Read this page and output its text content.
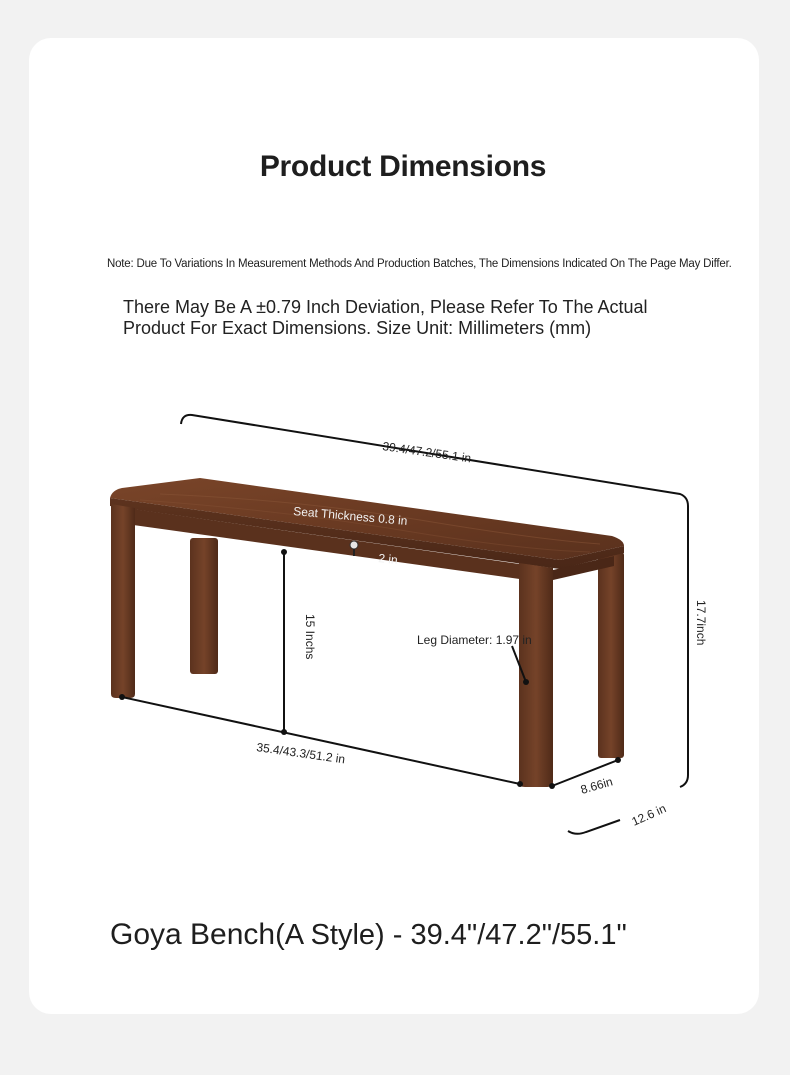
Product Dimensions
Note: Due To Variations In Measurement Methods And Production Batches, The Dimensions Indicated On The Page May Differ.
There May Be A ±0.79 Inch Deviation, Please Refer To The Actual
Product For Exact Dimensions. Size Unit: Millimeters (mm)
39.4/47.2/55.1 in
Seat Thickness 0.8 in
2 in
15 Inchs	Leg Diameter: 1.97 in	17.7inch
35.4/43.3/51.2 in
8.66in
12.6 in
Goya Bench(A Style) - 39.4"/47.2"/55.1"
